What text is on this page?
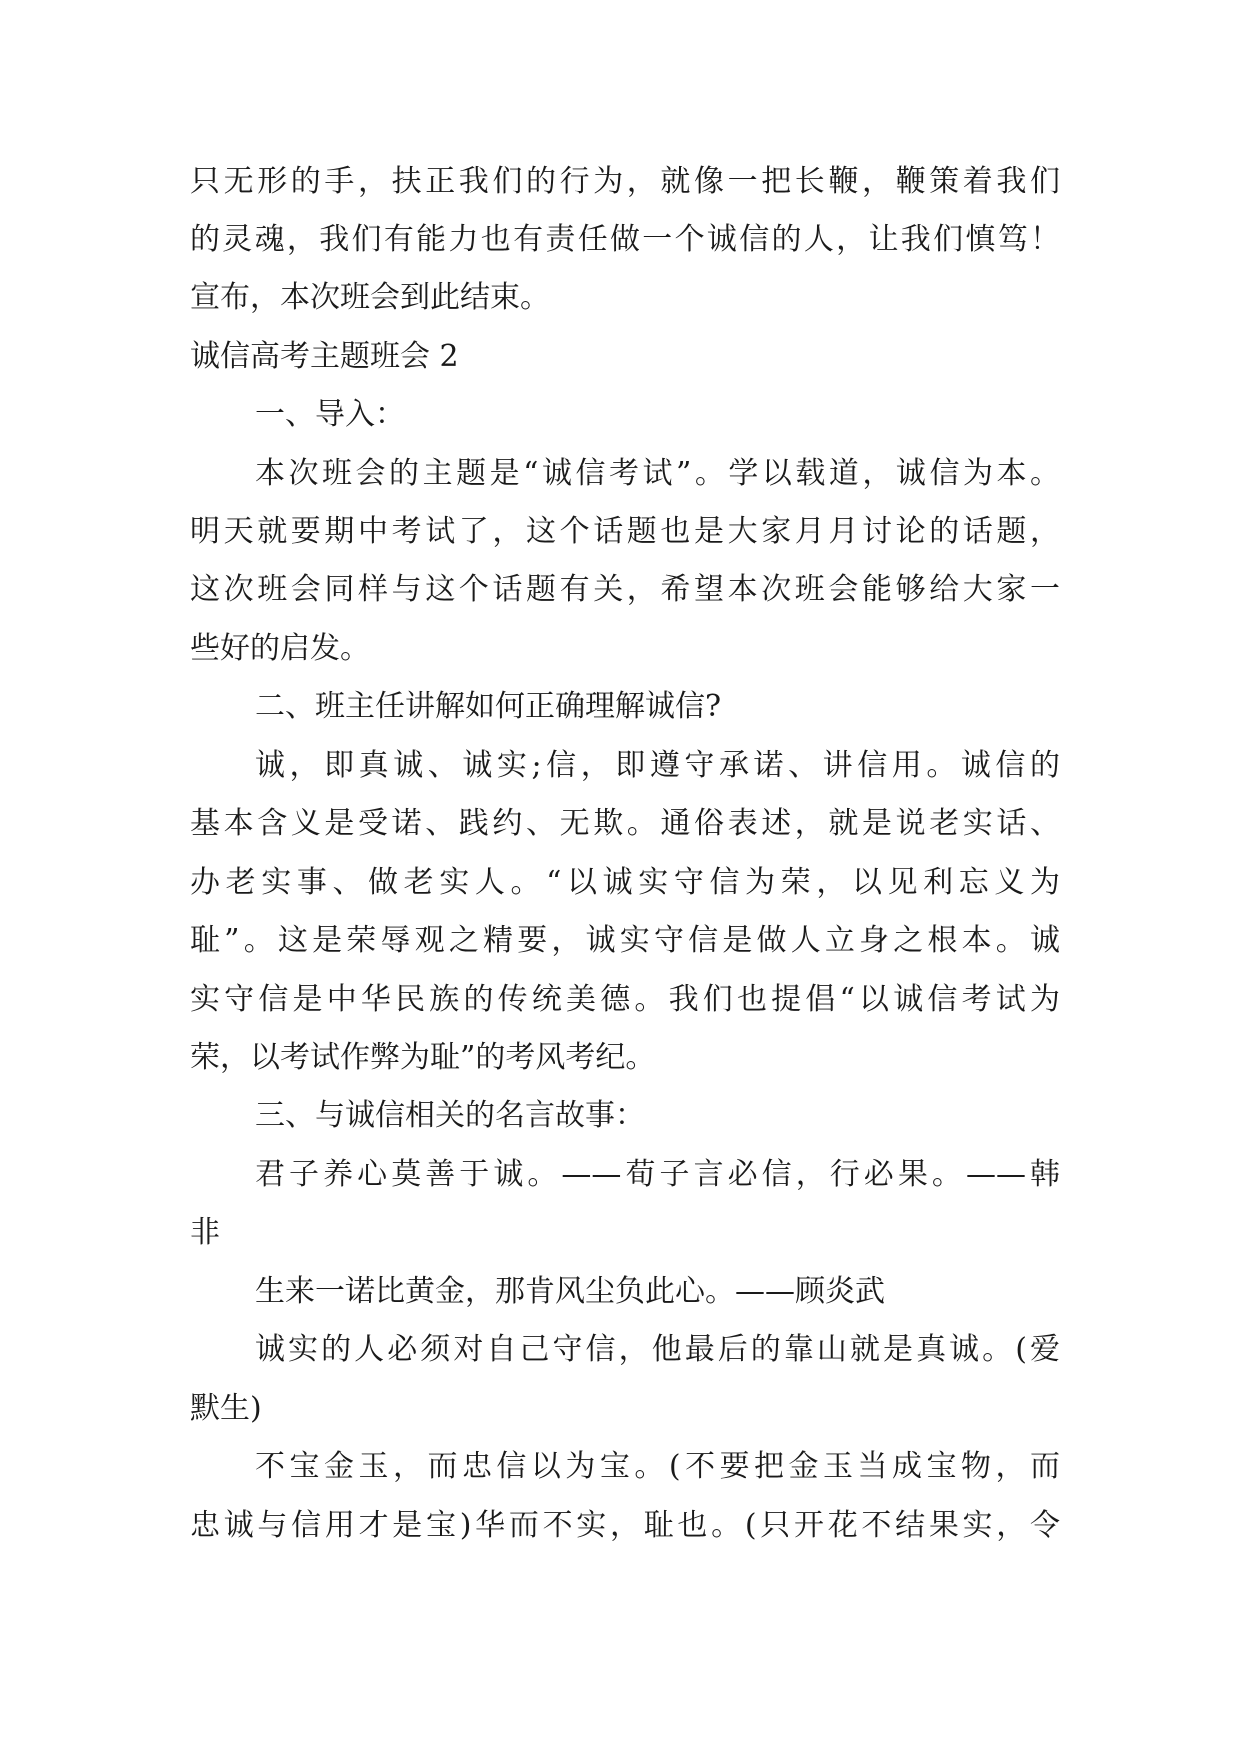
只无形的手，扶正我们的行为，就像一把长鞭，鞭策着我们
的灵魂，我们有能力也有责任做一个诚信的人，让我们慎笃！
宣布，本次班会到此结束。
诚信高考主题班会 2
一、导入：
本次班会的主题是“诚信考试”。学以载道，诚信为本。
明天就要期中考试了，这个话题也是大家月月讨论的话题，
这次班会同样与这个话题有关，希望本次班会能够给大家一
些好的启发。
二、班主任讲解如何正确理解诚信?
诚，即真诚、诚实;信，即遵守承诺、讲信用。诚信的
基本含义是受诺、践约、无欺。通俗表述，就是说老实话、
办老实事、做老实人。“以诚实守信为荣，以见利忘义为
耻”。这是荣辱观之精要，诚实守信是做人立身之根本。诚
实守信是中华民族的传统美德。我们也提倡“以诚信考试为
荣，以考试作弊为耻”的考风考纪。
三、与诚信相关的名言故事：
君子养心莫善于诚。——荀子言必信，行必果。——韩
非
生来一诺比黄金，那肯风尘负此心。——顾炎武
诚实的人必须对自己守信，他最后的靠山就是真诚。(爱
默生)
不宝金玉，而忠信以为宝。(不要把金玉当成宝物，而
忠诚与信用才是宝)华而不实，耻也。(只开花不结果实，令
